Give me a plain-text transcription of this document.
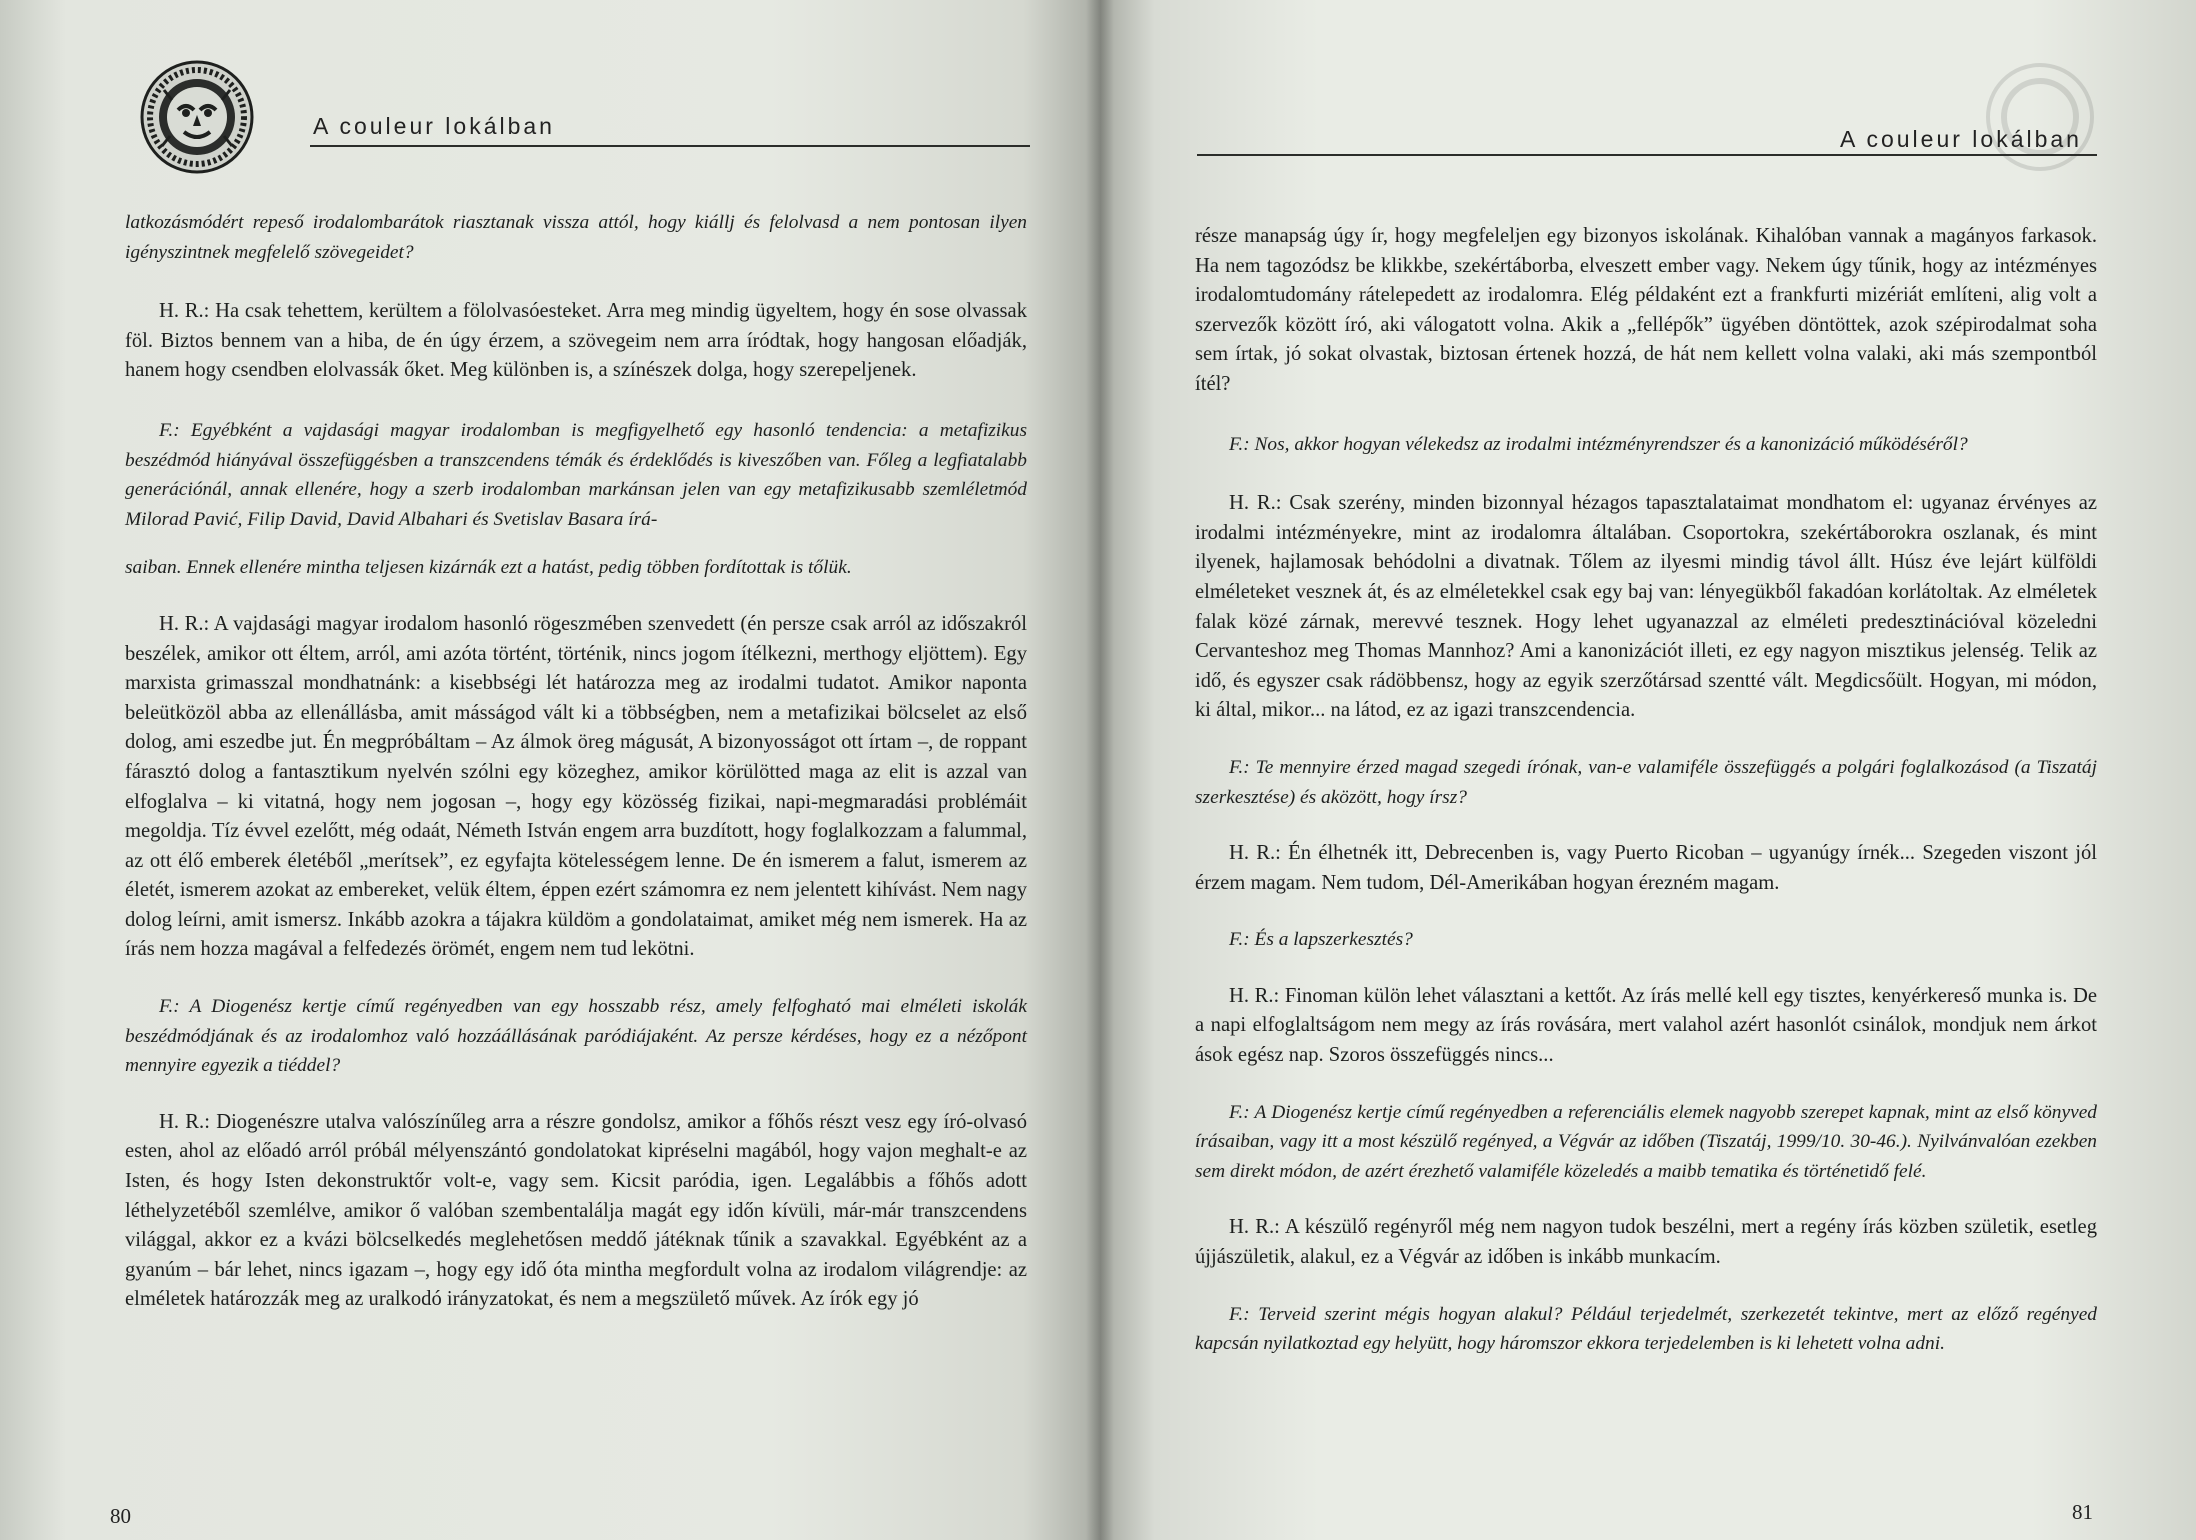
A couleur lokálban

latkozásmódért repeső irodalombarátok riasztanak vissza attól, hogy kiállj és felolvasd a nem pontosan ilyen igényszintnek megfelelő szövegeidet?

H. R.: Ha csak tehettem, kerültem a fölolvasóesteket. Arra meg mindig ügyeltem, hogy én sose olvassak föl. Biztos bennem van a hiba, de én úgy érzem, a szövegeim nem arra íródtak, hogy hangosan előadják, hanem hogy csendben elolvassák őket. Meg különben is, a színészek dolga, hogy szerepeljenek.

F.: Egyébként a vajdasági magyar irodalomban is megfigyelhető egy hasonló tendencia: a metafizikus beszédmód hiányával összefüggésben a transzcendens témák és érdeklődés is kiveszőben van. Főleg a legfiatalabb generációnál, annak ellenére, hogy a szerb irodalomban markánsan jelen van egy metafizikusabb szemléletmód Milorad Pavić, Filip David, David Albahari és Svetislav Basara írá-

saiban. Ennek ellenére mintha teljesen kizárnák ezt a hatást, pedig többen fordítottak is tőlük.

H. R.: A vajdasági magyar irodalom hasonló rögeszmében szenvedett (én persze csak arról az időszakról beszélek, amikor ott éltem, arról, ami azóta történt, történik, nincs jogom ítélkezni, merthogy eljöttem). Egy marxista grimasszal mondhatnánk: a kisebbségi lét határozza meg az irodalmi tudatot. Amikor naponta beleütközöl abba az ellenállásba, amit másságod vált ki a többségben, nem a metafizikai bölcselet az első dolog, ami eszedbe jut. Én megpróbáltam – Az álmok öreg mágusát, A bizonyosságot ott írtam –, de roppant fárasztó dolog a fantasztikum nyelvén szólni egy közeghez, amikor körülötted maga az elit is azzal van elfoglalva – ki vitatná, hogy nem jogosan –, hogy egy közösség fizikai, napi-megmaradási problémáit megoldja. Tíz évvel ezelőtt, még odaát, Németh István engem arra buzdított, hogy foglalkozzam a falummal, az ott élő emberek életéből „merítsek”, ez egyfajta kötelességem lenne. De én ismerem a falut, ismerem az életét, ismerem azokat az embereket, velük éltem, éppen ezért számomra ez nem jelentett kihívást. Nem nagy dolog leírni, amit ismersz. Inkább azokra a tájakra küldöm a gondolataimat, amiket még nem ismerek. Ha az írás nem hozza magával a felfedezés örömét, engem nem tud lekötni.

F.: A Diogenész kertje című regényedben van egy hosszabb rész, amely felfogható mai elméleti iskolák beszédmódjának és az irodalomhoz való hozzáállásának paródiájaként. Az persze kérdéses, hogy ez a nézőpont mennyire egyezik a tiéddel?

H. R.: Diogenészre utalva valószínűleg arra a részre gondolsz, amikor a főhős részt vesz egy író-olvasó esten, ahol az előadó arról próbál mélyenszántó gondolatokat kipréselni magából, hogy vajon meghalt-e az Isten, és hogy Isten dekonstruktőr volt-e, vagy sem. Kicsit paródia, igen. Legalábbis a főhős adott léthelyzetéből szemlélve, amikor ő valóban szembentalálja magát egy időn kívüli, már-már transzcendens világgal, akkor ez a kvázi bölcselkedés meglehetősen meddő játéknak tűnik a szavakkal. Egyébként az a gyanúm – bár lehet, nincs igazam –, hogy egy idő óta mintha megfordult volna az irodalom világrendje: az elméletek határozzák meg az uralkodó irányzatokat, és nem a megszülető művek. Az írók egy jó

80

része manapság úgy ír, hogy megfeleljen egy bizonyos iskolának. Kihalóban vannak a magányos farkasok. Ha nem tagozódsz be klikkbe, szekértáborba, elveszett ember vagy. Nekem úgy tűnik, hogy az intézményes irodalomtudomány rátelepedett az irodalomra. Elég példaként ezt a frankfurti mizériát említeni, alig volt a szervezők között író, aki válogatott volna. Akik a „fellépők” ügyében döntöttek, azok szépirodalmat soha sem írtak, jó sokat olvastak, biztosan értenek hozzá, de hát nem kellett volna valaki, aki más szempontból ítél?

F.: Nos, akkor hogyan vélekedsz az irodalmi intézményrendszer és a kanonizáció működéséről?

H. R.: Csak szerény, minden bizonnyal hézagos tapasztalataimat mondhatom el: ugyanaz érvényes az irodalmi intézményekre, mint az irodalomra általában. Csoportokra, szekértáborokra oszlanak, és mint ilyenek, hajlamosak behódolni a divatnak. Tőlem az ilyesmi mindig távol állt. Húsz éve lejárt külföldi elméleteket vesznek át, és az elméletekkel csak egy baj van: lényegükből fakadóan korlátoltak. Az elméletek falak közé zárnak, merevvé tesznek. Hogy lehet ugyanazzal az elméleti predesztinációval közeledni Cervanteshoz meg Thomas Mannhoz? Ami a kanonizációt illeti, ez egy nagyon misztikus jelenség. Telik az idő, és egyszer csak rádöbbensz, hogy az egyik szerzőtársad szentté vált. Megdicsőült. Hogyan, mi módon, ki által, mikor... na látod, ez az igazi transzcendencia.

F.: Te mennyire érzed magad szegedi írónak, van-e valamiféle összefüggés a polgári foglalkozásod (a Tiszatáj szerkesztése) és aközött, hogy írsz?

H. R.: Én élhetnék itt, Debrecenben is, vagy Puerto Ricoban – ugyanúgy írnék... Szegeden viszont jól érzem magam. Nem tudom, Dél-Amerikában hogyan érezném magam.

F.: És a lapszerkesztés?

H. R.: Finoman külön lehet választani a kettőt. Az írás mellé kell egy tisztes, kenyérkereső munka is. De a napi elfoglaltságom nem megy az írás rovására, mert valahol azért hasonlót csinálok, mondjuk nem árkot ások egész nap. Szoros összefüggés nincs...

F.: A Diogenész kertje című regényedben a referenciális elemek nagyobb szerepet kapnak, mint az első könyved írásaiban, vagy itt a most készülő regényed, a Végvár az időben (Tiszatáj, 1999/10. 30-46.). Nyilvánvalóan ezekben sem direkt módon, de azért érezhető valamiféle közeledés a maibb tematika és történetidő felé.

H. R.: A készülő regényről még nem nagyon tudok beszélni, mert a regény írás közben születik, esetleg újjászületik, alakul, ez a Végvár az időben is inkább munkacím.

F.: Terveid szerint mégis hogyan alakul? Például terjedelmét, szerkezetét tekintve, mert az előző regényed kapcsán nyilatkoztad egy helyütt, hogy háromszor ekkora terjedelemben is ki lehetett volna adni.

81
A couleur lokálban
